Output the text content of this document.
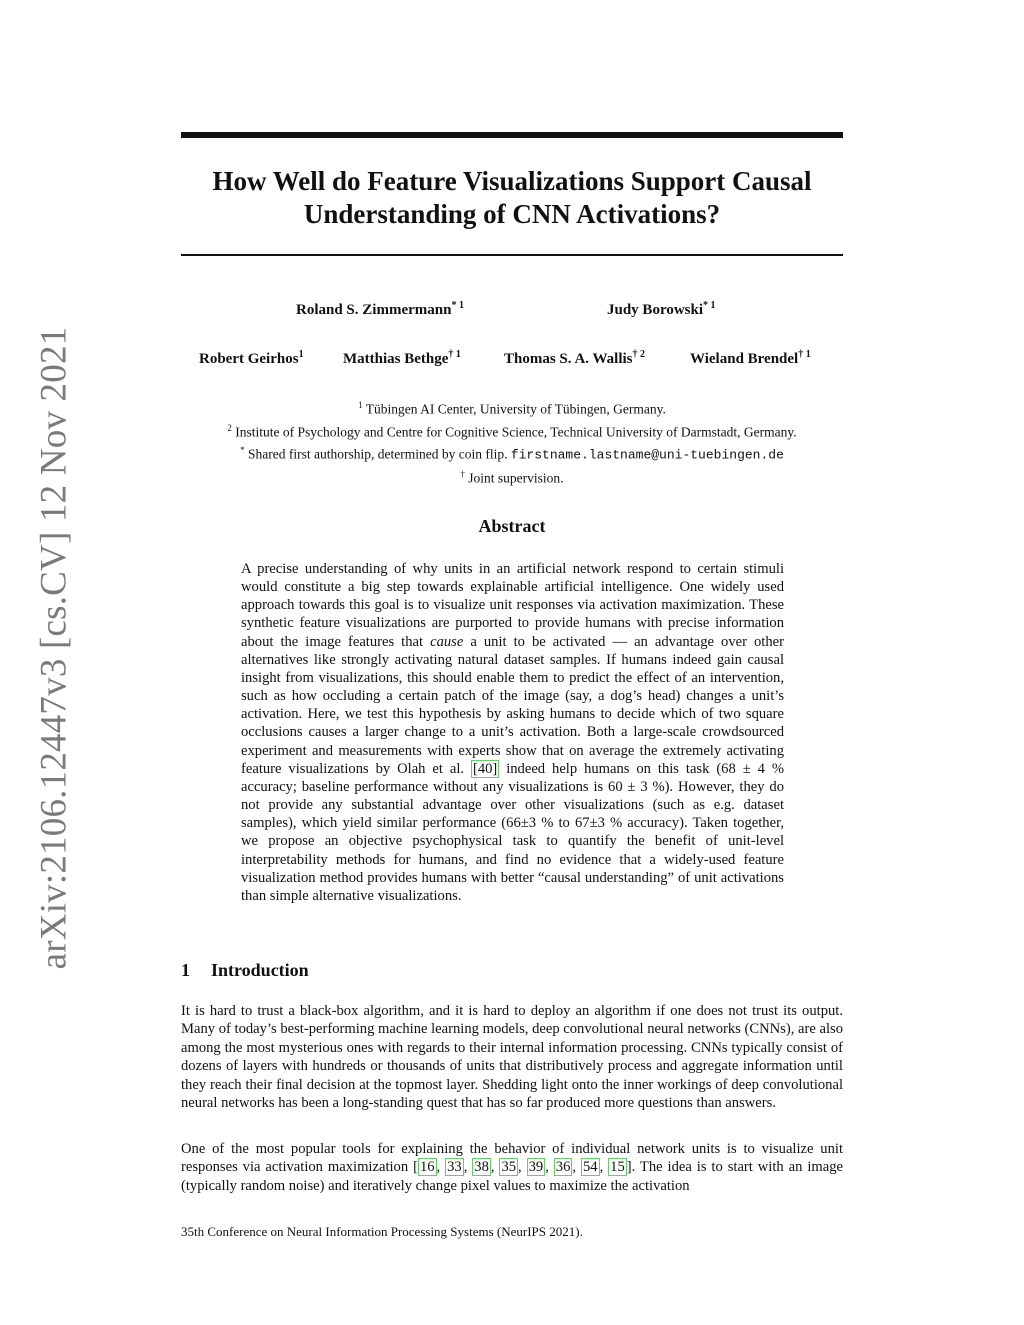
arXiv:2106.12447v3 [cs.CV] 12 Nov 2021
How Well do Feature Visualizations Support Causal
Understanding of CNN Activations?
Roland S. Zimmermann$^{* 1}$	Judy Borowski$^{* 1}$
Robert Geirhos$^1$	Matthias Bethge$^{\dagger 1}$	Thomas S. A. Wallis$^{\dagger 2}$	Wieland Brendel$^{\dagger 1}$
$^1$ Tübingen AI Center, University of Tübingen, Germany.
$^2$ Institute of Psychology and Centre for Cognitive Science, Technical University of Darmstadt, Germany.
* Shared first authorship, determined by coin flip. firstname.lastname@uni-tuebingen.de
† Joint supervision.
Abstract
A precise understanding of why units in an artificial network respond to certain stimuli would constitute a big step towards explainable artificial intelligence. One widely used approach towards this goal is to visualize unit responses via activation maximization. These synthetic feature visualizations are purported to provide humans with precise information about the image features that cause a unit to be activated — an advantage over other alternatives like strongly activating natural dataset samples. If humans indeed gain causal insight from visualizations, this should enable them to predict the effect of an intervention, such as how occluding a certain patch of the image (say, a dog’s head) changes a unit’s activation. Here, we test this hypothesis by asking humans to decide which of two square occlusions causes a larger change to a unit’s activation. Both a large-scale crowdsourced experiment and measurements with experts show that on average the extremely activating feature visualizations by Olah et al. [40] indeed help humans on this task (68 ± 4 % accuracy; baseline performance without any visualizations is 60 ± 3 %). However, they do not provide any substantial advantage over other visualizations (such as e.g. dataset samples), which yield similar performance (66±3 % to 67±3 % accuracy). Taken together, we propose an objective psychophysical task to quantify the benefit of unit-level interpretability methods for humans, and find no evidence that a widely-used feature visualization method provides humans with better “causal understanding” of unit activations than simple alternative visualizations.
1 Introduction
It is hard to trust a black-box algorithm, and it is hard to deploy an algorithm if one does not trust its output. Many of today’s best-performing machine learning models, deep convolutional neural networks (CNNs), are also among the most mysterious ones with regards to their internal information processing. CNNs typically consist of dozens of layers with hundreds or thousands of units that distributively process and aggregate information until they reach their final decision at the topmost layer. Shedding light onto the inner workings of deep convolutional neural networks has been a long-standing quest that has so far produced more questions than answers.
One of the most popular tools for explaining the behavior of individual network units is to visualize unit responses via activation maximization [ 16 , 33 , 38 , 35 , 39 , 36 , 54 , 15 ]. The idea is to start with an image (typically random noise) and iteratively change pixel values to maximize the activation
35th Conference on Neural Information Processing Systems (NeurIPS 2021).
